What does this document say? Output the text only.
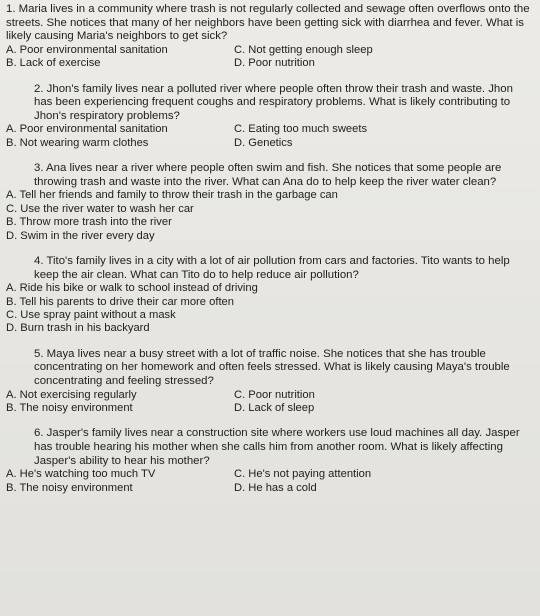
1. Maria lives in a community where trash is not regularly collected and sewage often overflows onto the streets. She notices that many of her neighbors have been getting sick with diarrhea and fever. What is likely causing Maria's neighbors to get sick?

A. Poor environmental sanitation	C. Not getting enough sleep
B. Lack of exercise	D. Poor nutrition

2. Jhon's family lives near a polluted river where people often throw their trash and waste. Jhon has been experiencing frequent coughs and respiratory problems. What is likely contributing to Jhon's respiratory problems?

A. Poor environmental sanitation	C. Eating too much sweets
B. Not wearing warm clothes	D. Genetics

3. Ana lives near a river where people often swim and fish. She notices that some people are throwing trash and waste into the river. What can Ana do to help keep the river water clean?

A. Tell her friends and family to throw their trash in the garbage can
C. Use the river water to wash her car
B. Throw more trash into the river
D. Swim in the river every day

4. Tito's family lives in a city with a lot of air pollution from cars and factories. Tito wants to help keep the air clean. What can Tito do to help reduce air pollution?

A. Ride his bike or walk to school instead of driving
B. Tell his parents to drive their car more often
C. Use spray paint without a mask
D. Burn trash in his backyard

5. Maya lives near a busy street with a lot of traffic noise. She notices that she has trouble concentrating on her homework and often feels stressed. What is likely causing Maya's trouble concentrating and feeling stressed?

A. Not exercising regularly	C. Poor nutrition
B. The noisy environment	D. Lack of sleep

6. Jasper's family lives near a construction site where workers use loud machines all day. Jasper has trouble hearing his mother when she calls him from another room. What is likely affecting Jasper's ability to hear his mother?

A. He's watching too much TV	C. He's not paying attention
B. The noisy environment	D. He has a cold
